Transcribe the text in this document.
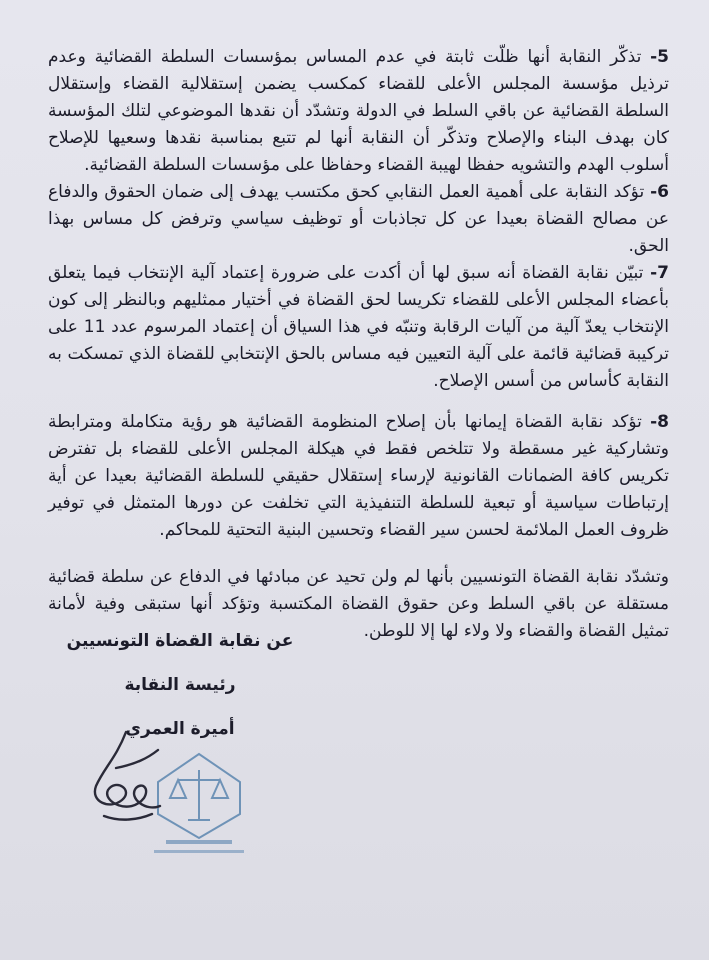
5- تذكّر النقابة أنها ظلّت ثابتة في عدم المساس بمؤسسات السلطة القضائية وعدم ترذيل مؤسسة المجلس الأعلى للقضاء كمكسب يضمن إستقلالية القضاء وإستقلال السلطة القضائية عن باقي السلط في الدولة وتشدّد أن نقدها الموضوعي لتلك المؤسسة كان بهدف البناء والإصلاح وتذكّر أن النقابة أنها لم تتبع بمناسبة نقدها وسعيها للإصلاح أسلوب الهدم والتشويه حفظا لهيبة القضاء وحفاظا على مؤسسات السلطة القضائية.

6- تؤكد النقابة على أهمية العمل النقابي كحق مكتسب يهدف إلى ضمان الحقوق والدفاع عن مصالح القضاة بعيدا عن كل تجاذبات أو توظيف سياسي وترفض كل مساس بهذا الحق.

7- تبيّن نقابة القضاة أنه سبق لها أن أكدت على ضرورة إعتماد آلية الإنتخاب فيما يتعلق بأعضاء المجلس الأعلى للقضاء تكريسا لحق القضاة في أختيار ممثليهم وبالنظر إلى كون الإنتخاب يعدّ آلية من آليات الرقابة وتنبّه في هذا السياق أن إعتماد المرسوم عدد 11 على تركيبة قضائية قائمة على آلية التعيين فيه مساس بالحق الإنتخابي للقضاة الذي تمسكت به النقابة كأساس من أسس الإصلاح.

8- تؤكد نقابة القضاة إيمانها بأن إصلاح المنظومة القضائية هو رؤية متكاملة ومترابطة وتشاركية غير مسقطة ولا تتلخص فقط في هيكلة المجلس الأعلى للقضاء بل تفترض تكريس كافة الضمانات القانونية لإرساء إستقلال حقيقي للسلطة القضائية بعيدا عن أية إرتباطات سياسية أو تبعية للسلطة التنفيذية التي تخلفت عن دورها المتمثل في توفير ظروف العمل الملائمة لحسن سير القضاء وتحسين البنية التحتية للمحاكم.

وتشدّد نقابة القضاة التونسيين بأنها لم ولن تحيد عن مبادئها في الدفاع عن سلطة قضائية مستقلة عن باقي السلط وعن حقوق القضاة المكتسبة وتؤكد أنها ستبقى وفية لأمانة تمثيل القضاة والقضاء ولا ولاء لها إلا للوطن.

عن نقابة القضاة التونسيين
رئيسة النقابة
أميرة العمري
